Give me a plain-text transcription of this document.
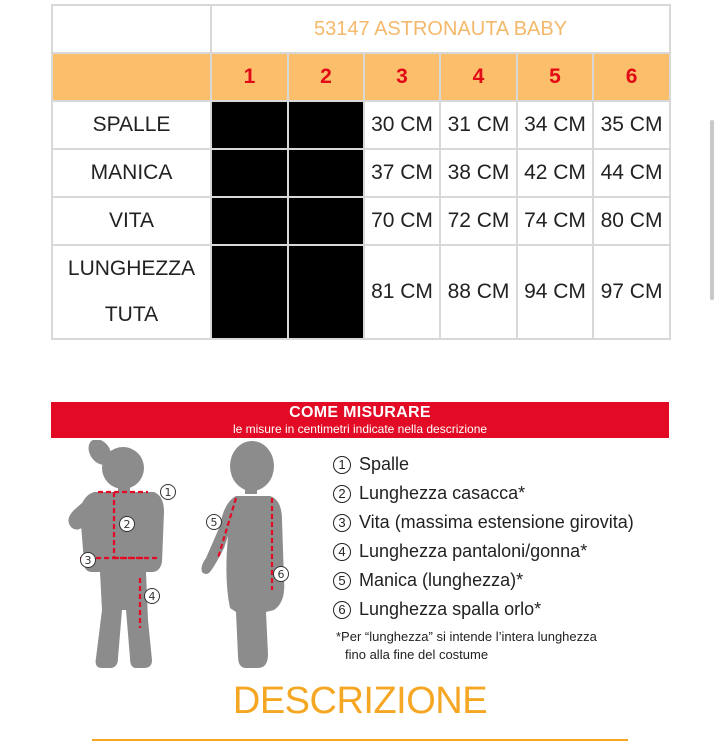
	53147 ASTRONAUTA BABY					
	1	2	3	4	5	6
SPALLE			30 CM	31 CM	34 CM	35 CM
MANICA			37 CM	38 CM	42 CM	44 CM
VITA			70 CM	72 CM	74 CM	80 CM

LUNGHEZZA
TUTA			81 CM	88 CM	94 CM	97 CM
COME MISURARE
le misure in centimetri indicate nella descrizione
1
2
3
4
5
6
1 Spalle
2 Lunghezza casacca*
3 Vita (massima estensione girovita)
4 Lunghezza pantaloni/gonna*
5 Manica (lunghezza)*
6 Lunghezza spalla orlo*
*Per “lunghezza” si intende l’intera lunghezza
fino alla fine del costume
DESCRIZIONE
